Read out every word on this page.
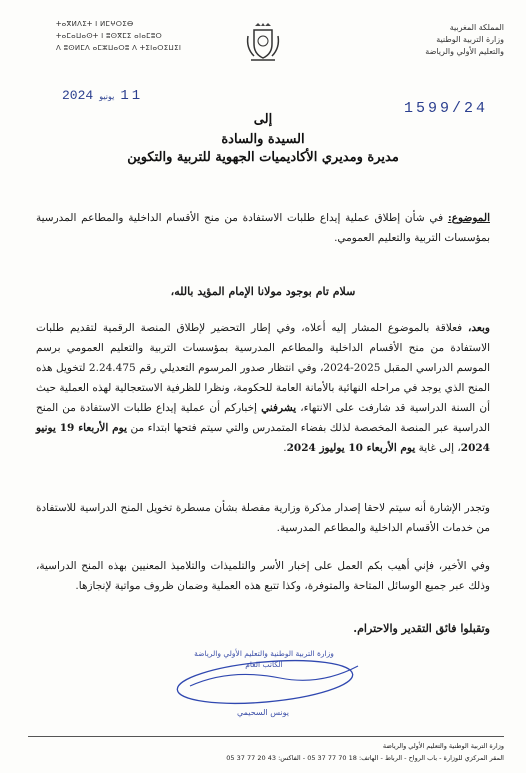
ⵜⴰⴳⵍⴷⵉⵜ ⵏ ⵍⵎⵖⵔⵉⴱ
ⵜⴰⵎⴰⵡⴰⵙⵜ ⵏ ⵓⵙⴳⵎⵉ ⴰⵏⴰⵎⵓⵔ
ⴷ ⵓⵙⵍⵎⴷ ⴰⵎⵣⵡⴰⵔⵓ ⴷ ⵜⵉⵏⴰⵔⵉⵡⵉⵏ
المملكة المغربية
وزارة التربية الوطنية
والتعليم الأولي والرياضة
2024 يونيو 11
1599/24
إلى
السيدة والسادة
مديرة ومديري الأكاديميات الجهوية للتربية والتكوين
الموضوع: في شأن إطلاق عملية إيداع طلبات الاستفادة من منح الأقسام الداخلية والمطاعم المدرسية بمؤسسات التربية والتعليم العمومي.
سلام تام بوجود مولانا الإمام المؤيد بالله،
وبعد، فعلاقة بالموضوع المشار إليه أعلاه، وفي إطار التحضير لإطلاق المنصة الرقمية لتقديم طلبات الاستفادة من منح الأقسام الداخلية والمطاعم المدرسية بمؤسسات التربية والتعليم العمومي برسم الموسم الدراسي المقبل 2025-2024، وفي انتظار صدور المرسوم التعديلي رقم 2.24.475 لتخويل هذه المنح الذي يوجد في مراحله النهائية بالأمانة العامة للحكومة، ونظرا للظرفية الاستعجالية لهذه العملية حيث أن السنة الدراسية قد شارفت على الانتهاء، يشرفني إخباركم أن عملية إيداع طلبات الاستفادة من المنح الدراسية عبر المنصة المخصصة لذلك بفضاء المتمدرس والتي سيتم فتحها ابتداء من يوم الأربعاء 19 يونيو 2024، إلى غاية يوم الأربعاء 10 يوليوز 2024.
وتجدر الإشارة أنه سيتم لاحقا إصدار مذكرة وزارية مفصلة بشأن مسطرة تخويل المنح الدراسية للاستفادة من خدمات الأقسام الداخلية والمطاعم المدرسية.
وفي الأخير، فإني أهيب بكم العمل على إخبار الأسر والتلميذات والتلاميذ المعنيين بهذه المنح الدراسية، وذلك عبر جميع الوسائل المتاحة والمتوفرة، وكذا تتبع هذه العملية وضمان ظروف مواتية لإنجازها.
وتقبلوا فائق التقدير والاحترام.
وزارة التربية الوطنية والتعليم الأولي والرياضة
الكاتب العام
يونس السحيمي
وزارة التربية الوطنية والتعليم الأولي والرياضة
المقر المركزي للوزارة - باب الرواح - الرباط - الهاتف: 18 70 77 37 05 - الفاكس: 43 20 77 37 05
